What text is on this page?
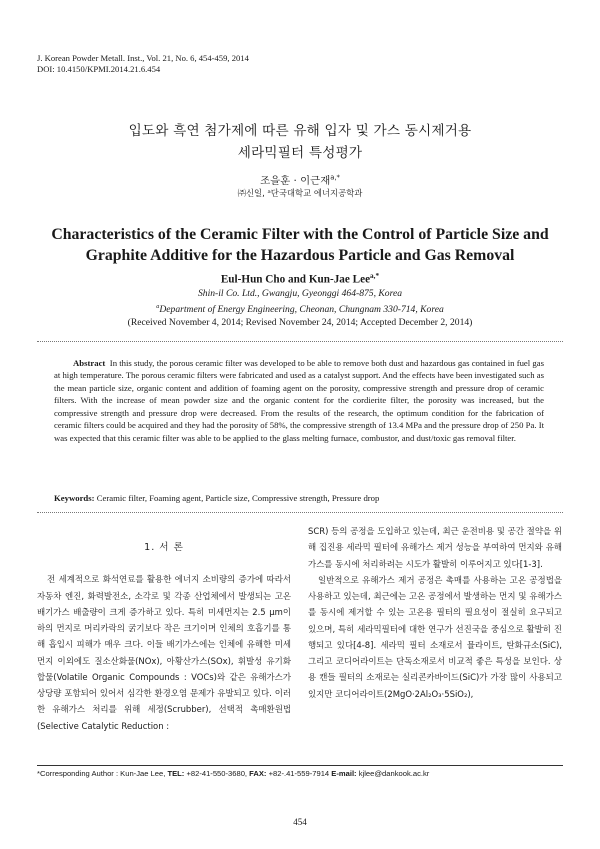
J. Korean Powder Metall. Inst., Vol. 21, No. 6, 454-459, 2014
DOI: 10.4150/KPMI.2014.21.6.454
입도와 흑연 첨가제에 따른 유해 입자 및 가스 동시제거용
세라믹필터 특성평가
조을훈 · 이근재$^{a,*}$
㈜신일, ᵃ단국대학교 에너지공학과
Characteristics of the Ceramic Filter with the Control of Particle Size and
Graphite Additive for the Hazardous Particle and Gas Removal
Eul-Hun Cho and Kun-Jae Lee$^{a,*}$
Shin-il Co. Ltd., Gwangju, Gyeonggi 464-875, Korea
$^a$Department of Energy Engineering, Cheonan, Chungnam 330-714, Korea
(Received November 4, 2014; Revised November 24, 2014; Accepted December 2, 2014)
Abstract In this study, the porous ceramic filter was developed to be able to remove both dust and hazardous gas contained in fuel gas at high temperature. The porous ceramic filters were fabricated and used as a catalyst support. And the effects have been investigated such as the mean particle size, organic content and addition of foaming agent on the porosity, compressive strength and pressure drop of ceramic filters. With the increase of mean powder size and the organic content for the cordierite filter, the porosity was increased, but the compressive strength and pressure drop were decreased. From the results of the research, the optimum condition for the fabrication of ceramic filters could be acquired and they had the porosity of 58%, the compressive strength of 13.4 MPa and the pressure drop of 250 Pa. It was expected that this ceramic filter was able to be applied to the glass melting furnace, combustor, and dust/toxic gas removal filter.
Keywords: Ceramic filter, Foaming agent, Particle size, Compressive strength, Pressure drop

1. 서 론

전 세계적으로 화석연료를 활용한 에너지 소비량의 증가에 따라서 자동차 엔진, 화력발전소, 소각로 및 각종 산업체에서 발생되는 고온 배기가스 배출량이 크게 증가하고 있다. 특히 미세먼지는 2.5 μm이하의 먼지로 머리카락의 굵기보다 작은 크기이며 인체의 호흡기를 통해 흡입시 피해가 매우 크다. 이들 배기가스에는 인체에 유해한 미세먼지 이외에도 질소산화물(NOx), 아황산가스(SOx), 휘발성 유기화합물(Volatile Organic Compounds : VOCs)와 같은 유해가스가 상당량 포함되어 있어서 심각한 환경오염 문제가 유발되고 있다. 이러한 유해가스 처리를 위해 세정(Scrubber), 선택적 촉매환원법(Selective Catalytic Reduction :

SCR) 등의 공정을 도입하고 있는데, 최근 운전비용 및 공간 절약을 위해 집진용 세라믹 필터에 유해가스 제거 성능을 부여하여 먼지와 유해가스를 동시에 처리하려는 시도가 활발히 이루어지고 있다[1-3].

일반적으로 유해가스 제거 공정은 촉매를 사용하는 고온 공정법을 사용하고 있는데, 최근에는 고온 공정에서 발생하는 먼지 및 유해가스를 동시에 제거할 수 있는 고온용 필터의 필요성이 절실히 요구되고 있으며, 특히 세라믹필터에 대한 연구가 선진국을 중심으로 활발히 진행되고 있다[4-8]. 세라믹 필터 소재로서 뮬라이트, 탄화규소(SiC), 그리고 코디어라이트는 단독소재로서 비교적 좋은 특성을 보인다. 상용 캔들 필터의 소재로는 실리콘카바이드(SiC)가 가장 많이 사용되고 있지만 코디어라이트(2MgO·2Al₂O₃·5SiO₂),

*Corresponding Author : Kun-Jae Lee, TEL: +82-41-550-3680, FAX: +82-.41-559-7914 E-mail: kjlee@dankook.ac.kr
454
